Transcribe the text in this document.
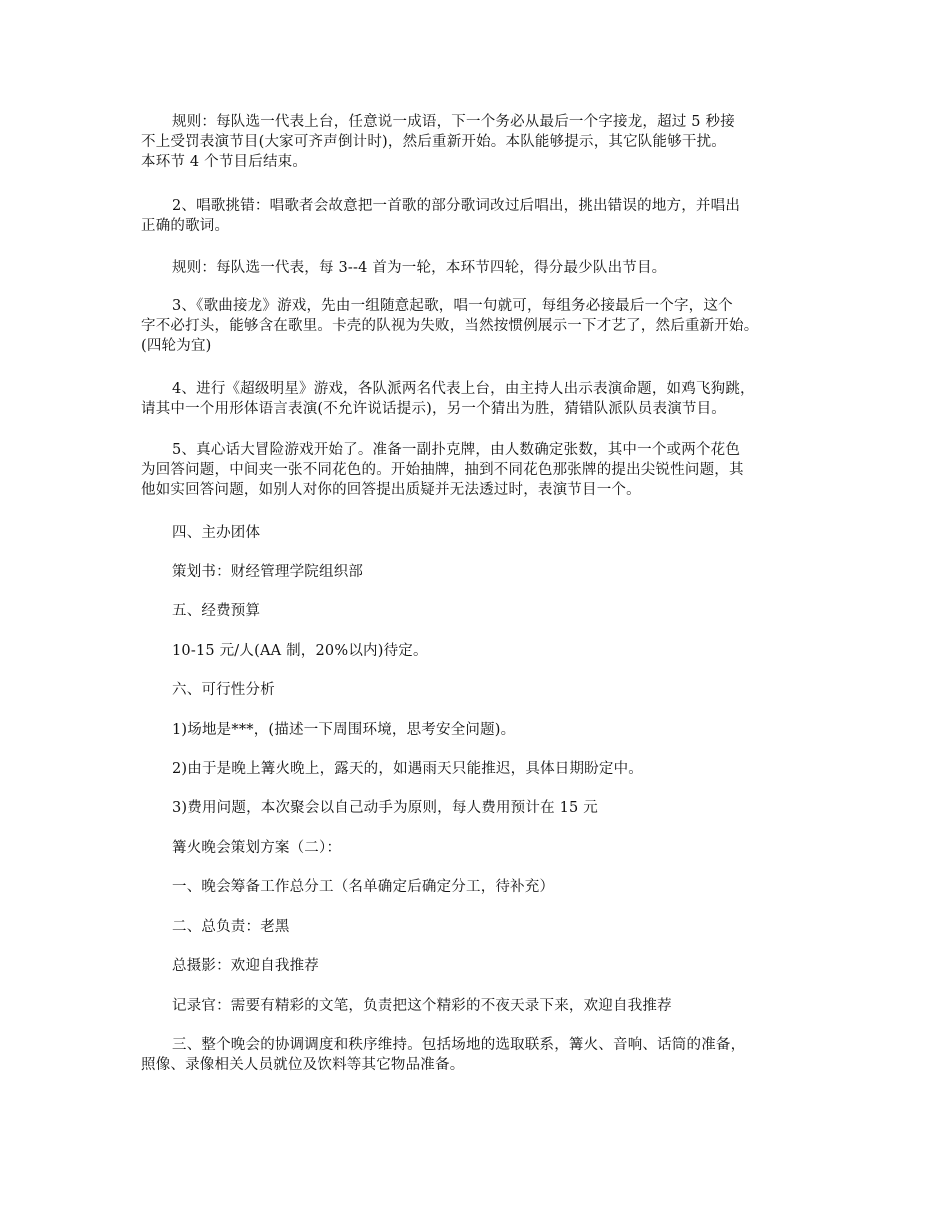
规则：每队选一代表上台，任意说一成语，下一个务必从最后一个字接龙，超过 5 秒接
不上受罚表演节目(大家可齐声倒计时)，然后重新开始。本队能够提示，其它队能够干扰。
本环节 4 个节目后结束。

2、唱歌挑错：唱歌者会故意把一首歌的部分歌词改过后唱出，挑出错误的地方，并唱出
正确的歌词。

规则：每队选一代表，每 3--4 首为一轮，本环节四轮，得分最少队出节目。

3、《歌曲接龙》游戏，先由一组随意起歌，唱一句就可，每组务必接最后一个字，这个
字不必打头，能够含在歌里。卡壳的队视为失败，当然按惯例展示一下才艺了，然后重新开始。
(四轮为宜)

4、进行《超级明星》游戏，各队派两名代表上台，由主持人出示表演命题，如鸡飞狗跳，
请其中一个用形体语言表演(不允许说话提示)，另一个猜出为胜，猜错队派队员表演节目。

5、真心话大冒险游戏开始了。准备一副扑克牌，由人数确定张数，其中一个或两个花色
为回答问题，中间夹一张不同花色的。开始抽牌，抽到不同花色那张牌的提出尖锐性问题，其
他如实回答问题，如别人对你的回答提出质疑并无法透过时，表演节目一个。

四、主办团体

策划书：财经管理学院组织部

五、经费预算

10-15 元/人(AA 制，20%以内)待定。

六、可行性分析

1)场地是***，(描述一下周围环境，思考安全问题)。

2)由于是晚上篝火晚上，露天的，如遇雨天只能推迟，具体日期盼定中。

3)费用问题，本次聚会以自己动手为原则，每人费用预计在 15 元

篝火晚会策划方案（二）：

一、晚会筹备工作总分工（名单确定后确定分工，待补充）

二、总负责：老黑

总摄影：欢迎自我推荐

记录官：需要有精彩的文笔，负责把这个精彩的不夜天录下来，欢迎自我推荐

三、整个晚会的协调调度和秩序维持。包括场地的选取联系，篝火、音响、话筒的准备，
照像、录像相关人员就位及饮料等其它物品准备。
